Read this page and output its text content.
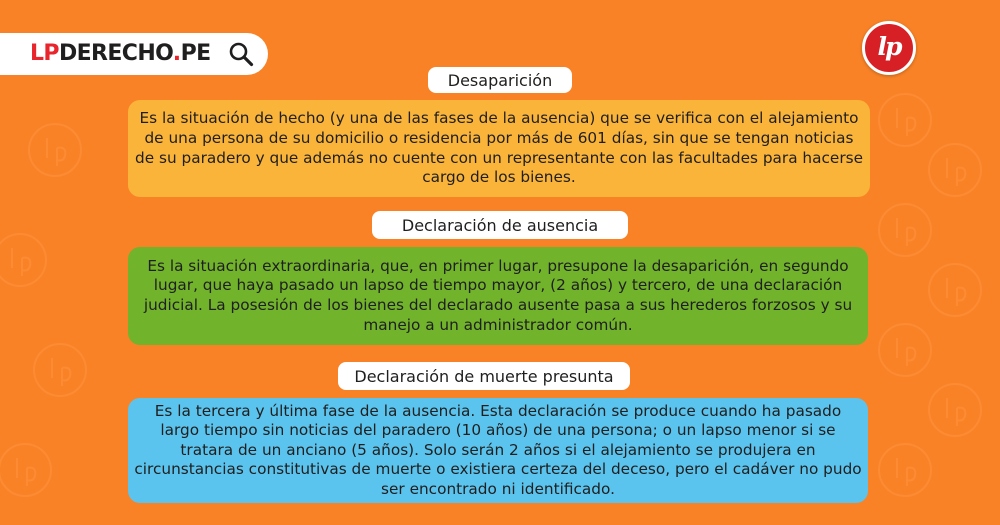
LPDERECHO.PE	lp
Desaparición
Es la situación de hecho (y una de las fases de la ausencia) que se verifica con el alejamiento de una persona de su domicilio o residencia por más de 601 días, sin que se tengan noticias de su paradero y que además no cuente con un representante con las facultades para hacerse cargo de los bienes.
Declaración de ausencia
Es la situación extraordinaria, que, en primer lugar, presupone la desaparición, en segundo lugar, que haya pasado un lapso de tiempo mayor, (2 años) y tercero, de una declaración judicial. La posesión de los bienes del declarado ausente pasa a sus herederos forzosos y su manejo a un administrador común.
Declaración de muerte presunta
Es la tercera y última fase de la ausencia. Esta declaración se produce cuando ha pasado largo tiempo sin noticias del paradero (10 años) de una persona; o un lapso menor si se tratara de un anciano (5 años). Solo serán 2 años si el alejamiento se produjera en circunstancias constitutivas de muerte o existiera certeza del deceso, pero el cadáver no pudo ser encontrado ni identificado.
